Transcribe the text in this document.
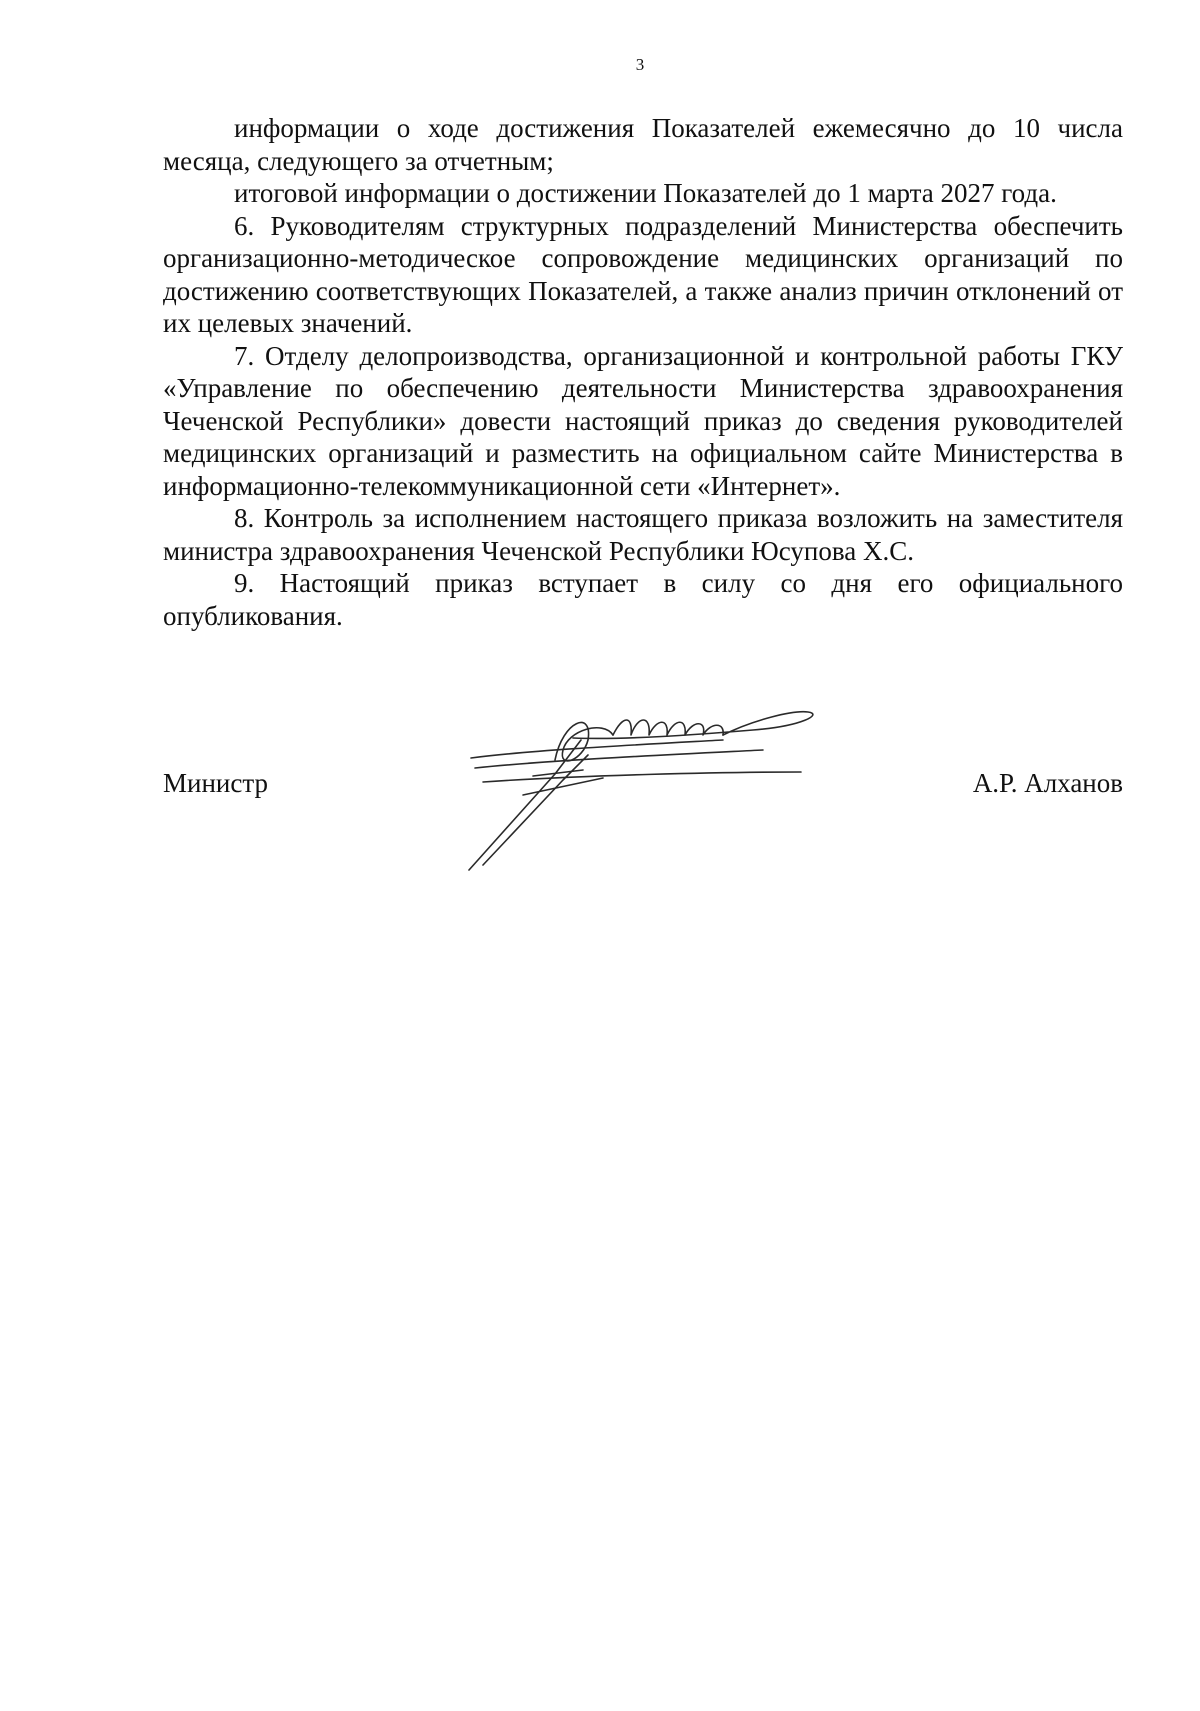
3

информации о ходе достижения Показателей ежемесячно до 10 числа месяца, следующего за отчетным;

итоговой информации о достижении Показателей до 1 марта 2027 года.

6. Руководителям структурных подразделений Министерства обеспечить организационно-методическое сопровождение медицинских организаций по достижению соответствующих Показателей, а также анализ причин отклонений от их целевых значений.

7. Отделу делопроизводства, организационной и контрольной работы ГКУ «Управление по обеспечению деятельности Министерства здравоохранения Чеченской Республики» довести настоящий приказ до сведения руководителей медицинских организаций и разместить на официальном сайте Министерства в информационно-телекоммуникационной сети «Интернет».

8. Контроль за исполнением настоящего приказа возложить на заместителя министра здравоохранения Чеченской Республики Юсупова Х.С.

9. Настоящий приказ вступает в силу со дня его официального опубликования.

Министр	А.Р. Алханов
